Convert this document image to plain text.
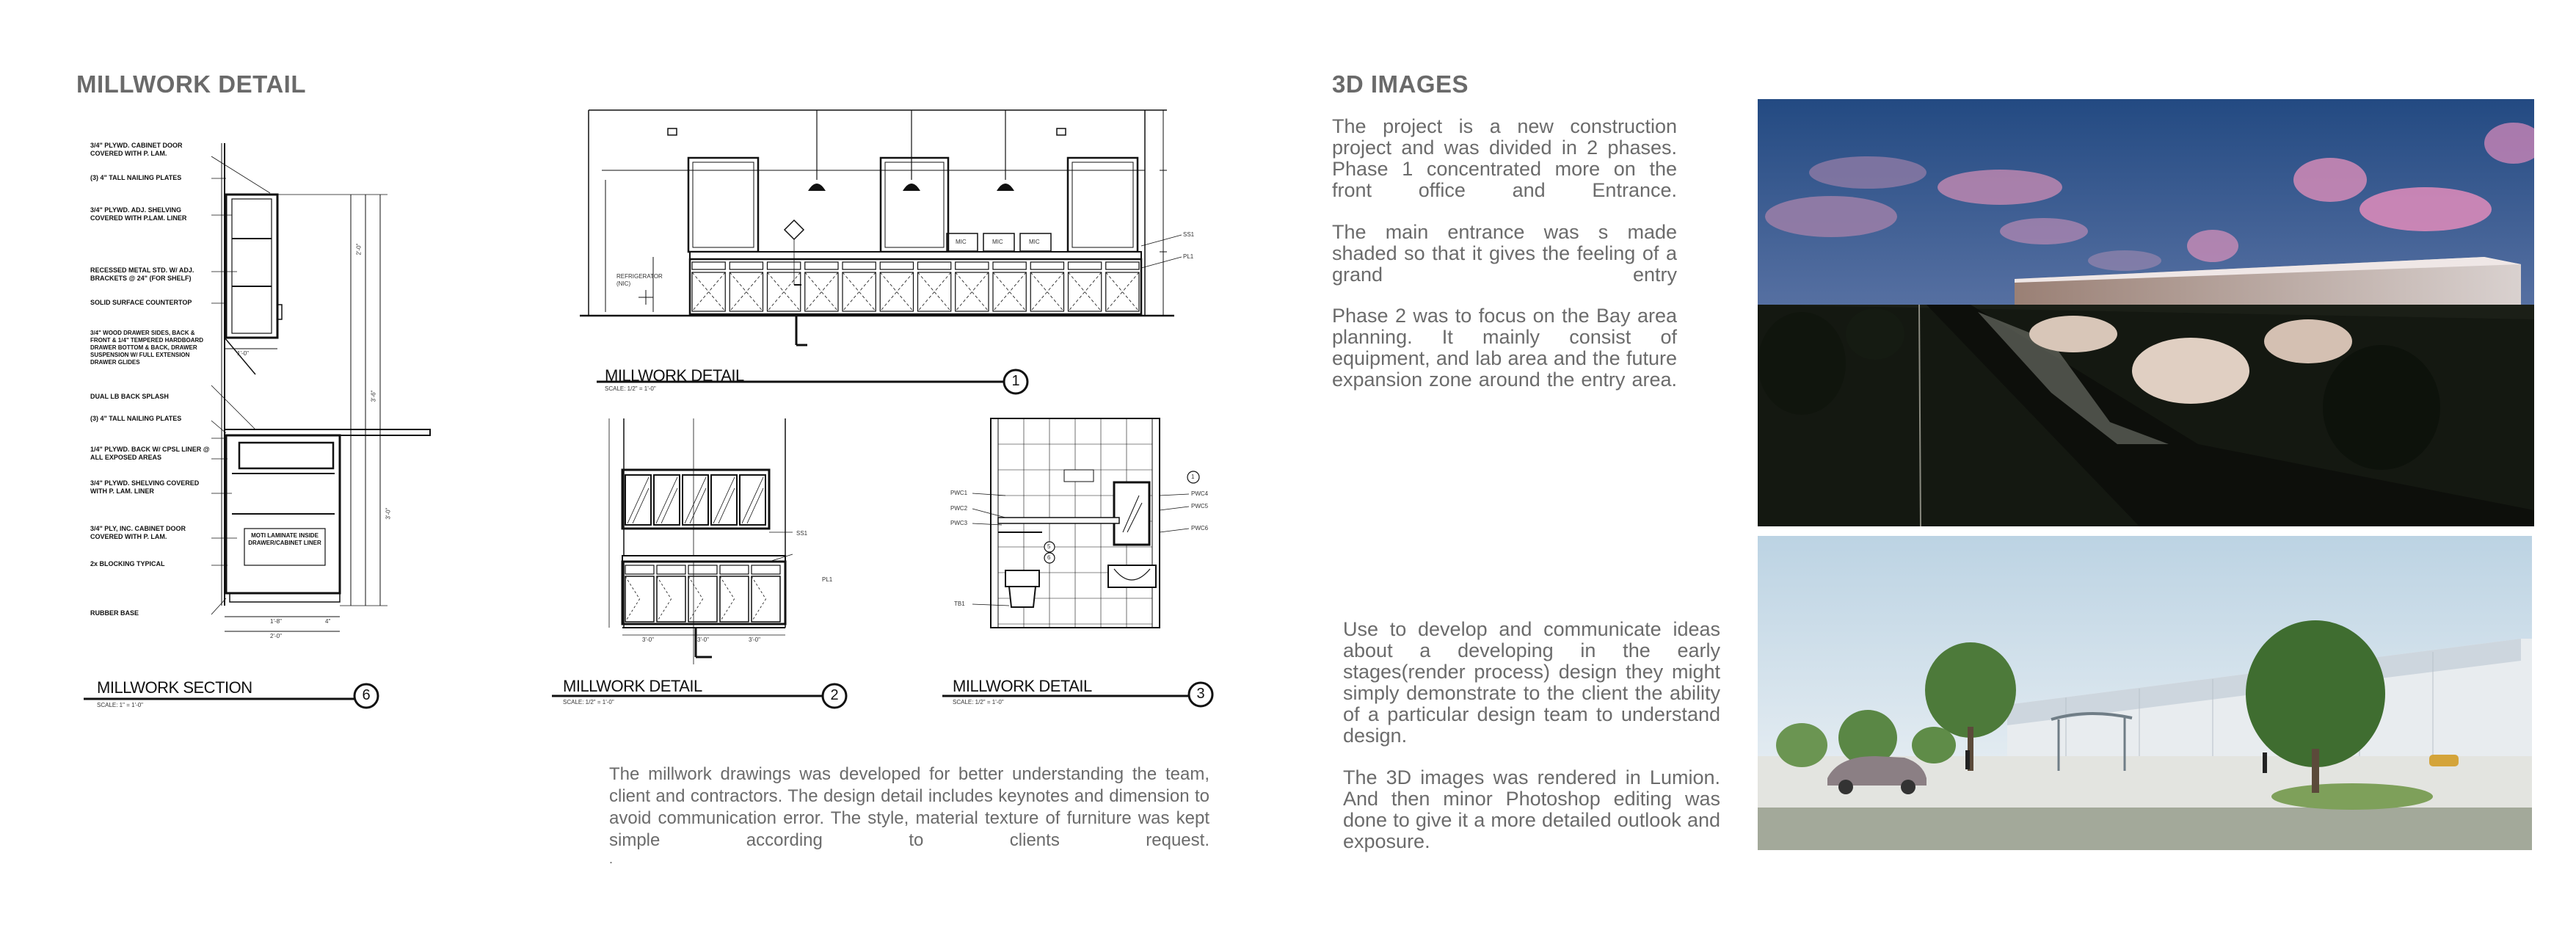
MILLWORK DETAIL
3/4" PLYWD. CABINET DOOR COVERED WITH P. LAM.
(3) 4" TALL NAILING PLATES
3/4" PLYWD. ADJ. SHELVING COVERED WITH P.LAM. LINER
RECESSED METAL STD. W/ ADJ. BRACKETS @ 24" (FOR SHELF)
SOLID SURFACE COUNTERTOP
3/4" WOOD DRAWER SIDES, BACK & FRONT & 1/4" TEMPERED HARDBOARD DRAWER BOTTOM & BACK, DRAWER SUSPENSION W/ FULL EXTENSION DRAWER GLIDES
DUAL LB BACK SPLASH
(3) 4" TALL NAILING PLATES
1/4" PLYWD. BACK W/ CPSL LINER @ ALL EXPOSED AREAS
3/4" PLYWD. SHELVING COVERED WITH P. LAM. LINER
3/4" PLY, INC. CABINET DOOR COVERED WITH P. LAM.
2x BLOCKING TYPICAL
RUBBER BASE
MOTI LAMINATE INSIDE DRAWER/CABINET LINER
1'-0"
1'-8"
2'-0"
4"
2'-0"
3'-6"
3'-0"
MILLWORK SECTION
SCALE: 1" = 1'-0"
6
REFRIGERATOR (NIC)
MIC	MIC	MIC
SS1
PL1
MILLWORK DETAIL
SCALE: 1/2" = 1'-0"	1
SS1
PL1
3'-0"	3'-0"	3'-0"
MILLWORK DETAIL
SCALE: 1/2" = 1'-0"	2
PWC1
PWC2
PWC3
PWC4
PWC5
PWC6
TB1
1
5
6
MILLWORK DETAIL
SCALE: 1/2" = 1'-0"
3
The millwork drawings was developed for better understanding the team, client and contractors. The design detail includes keynotes and dimension to avoid communication error. The style, material texture of furniture was kept simple according to clients request.
.
3D IMAGES
The project is a new construction project and was divided in 2 phases. Phase 1 concentrated more on the front office and Entrance.
The main entrance was s made shaded so that it gives the feeling of a grand entry
Phase 2 was to focus on the Bay area planning. It mainly consist of equipment, and lab area and the future expansion zone around the entry area.
Use to develop and communicate ideas about a developing in the early stages(render process) design they might simply demonstrate to the client the ability of a particular design team to understand design.
The 3D images was rendered in Lumion. And then minor Photoshop editing was done to give it a more detailed outlook and exposure.
